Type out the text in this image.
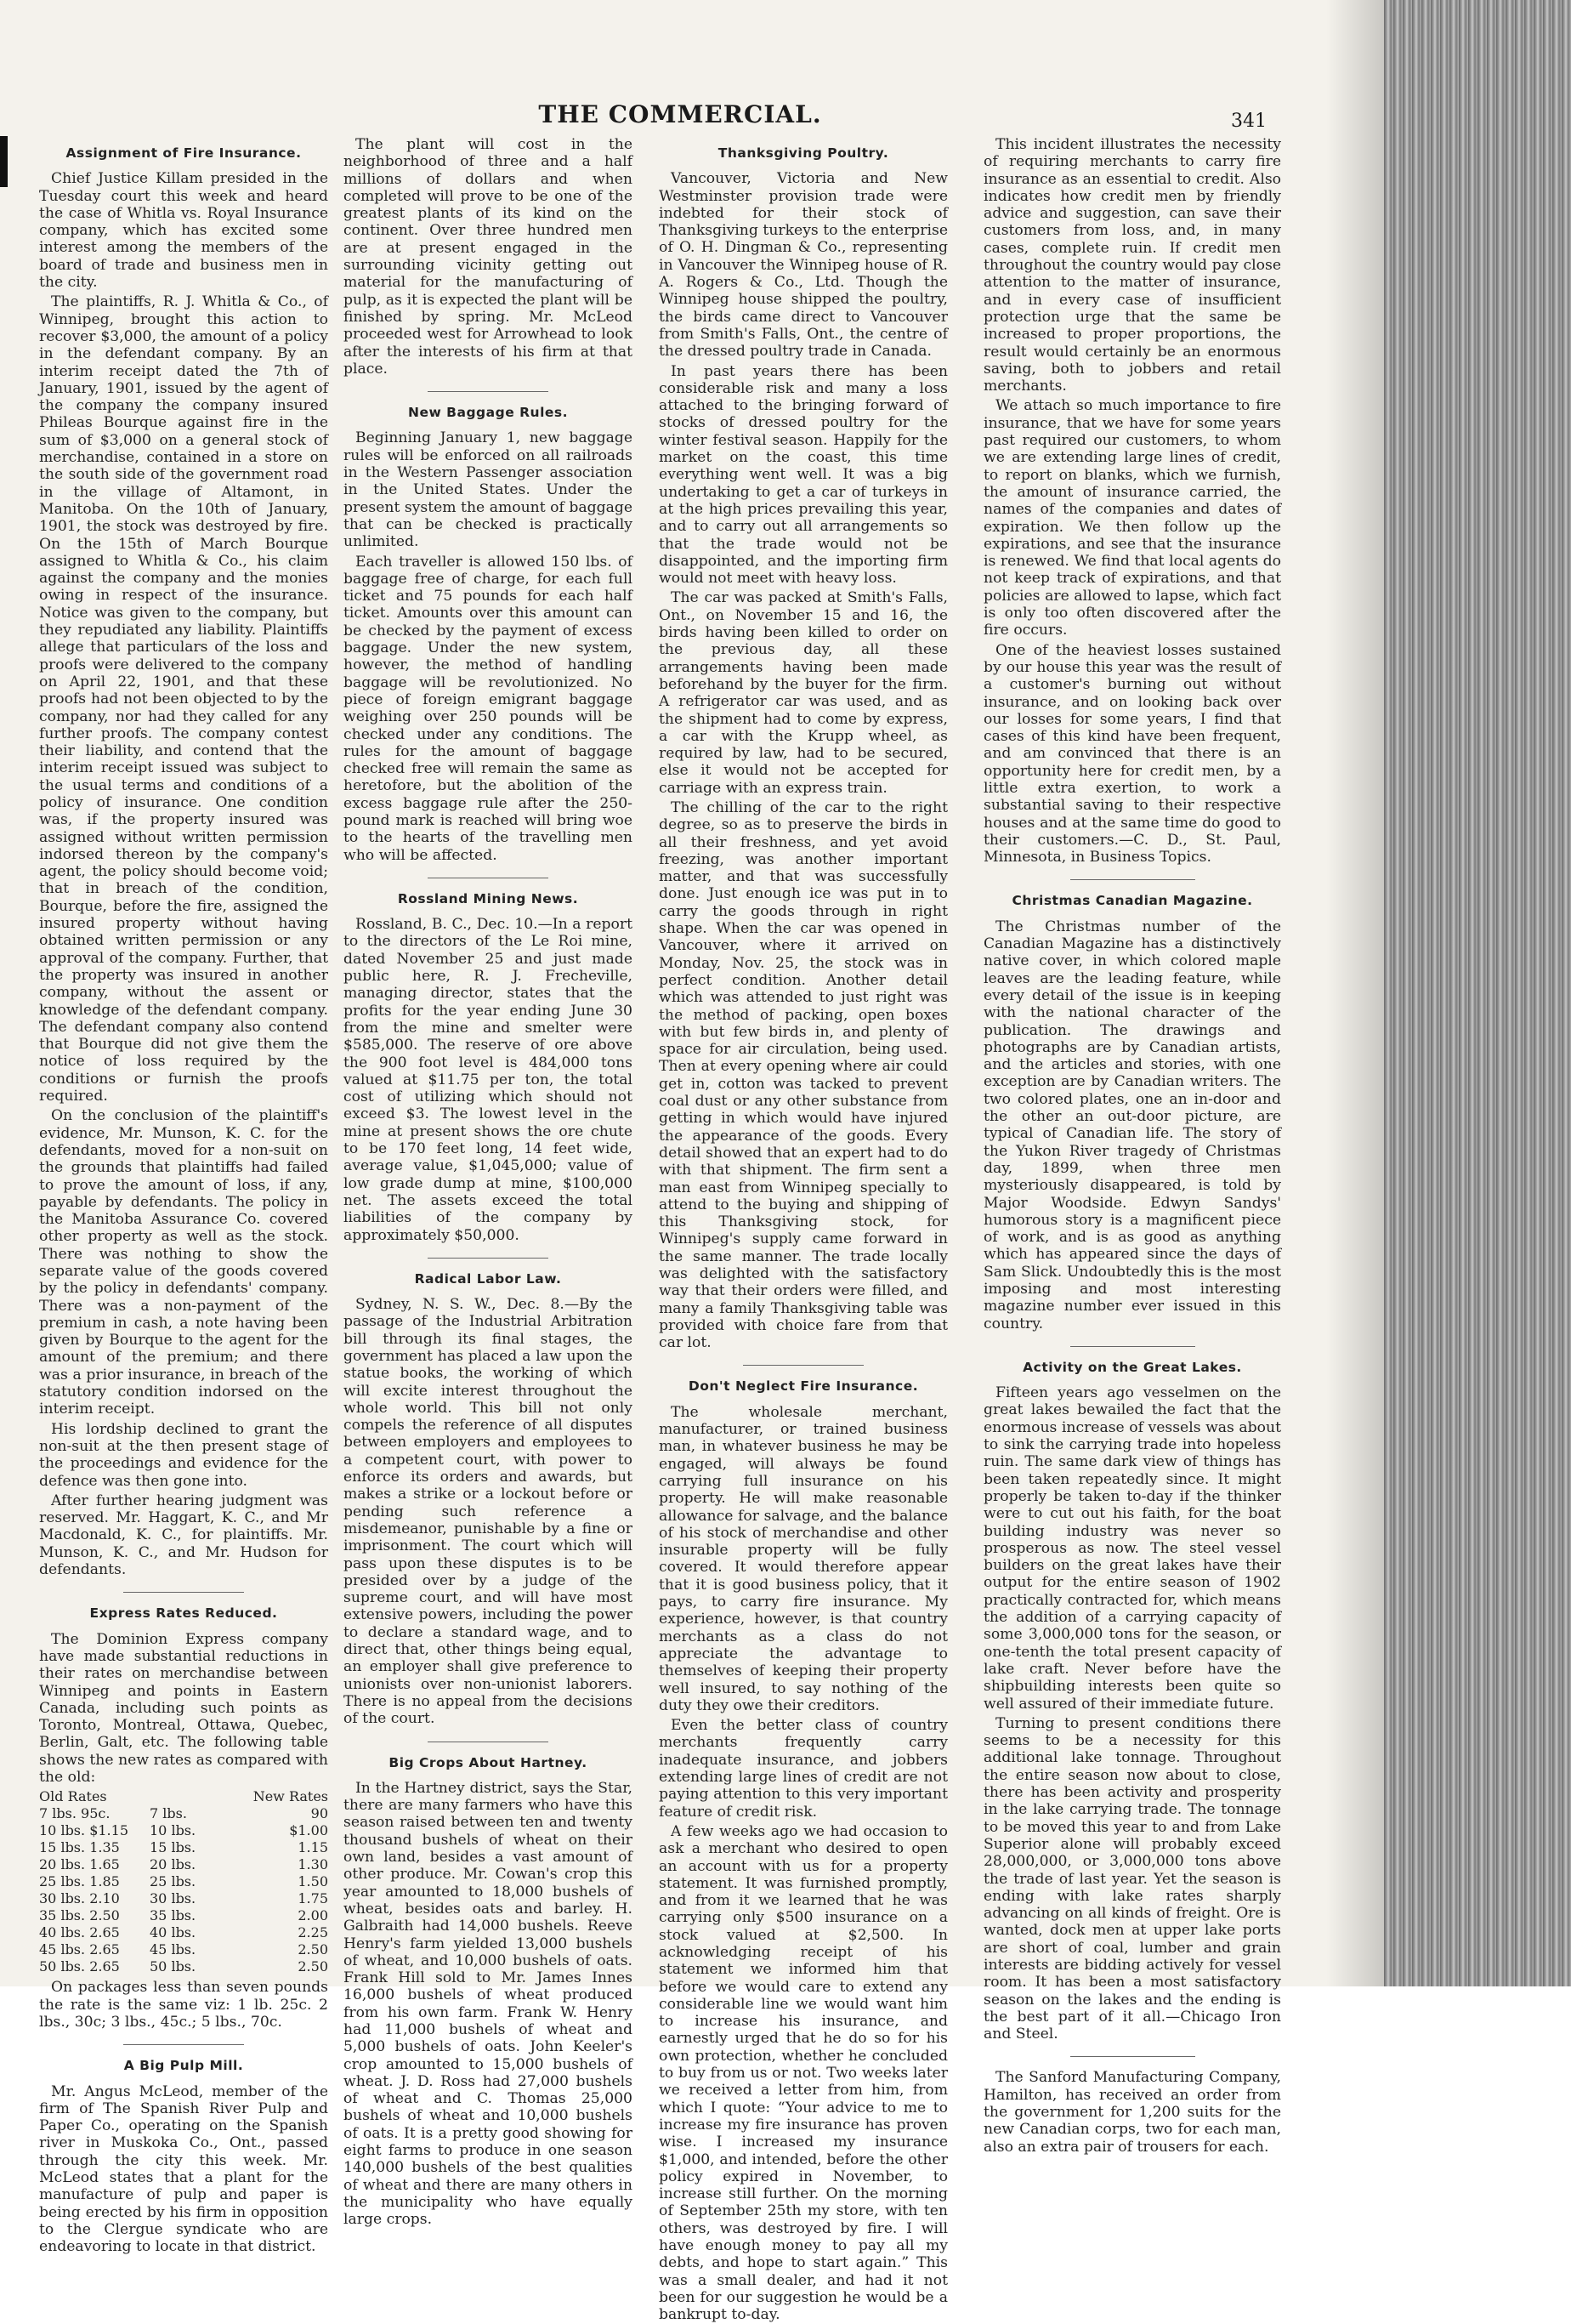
THE COMMERCIAL.	341
Assignment of Fire Insurance.

Chief Justice Killam presided in the Tuesday court this week and heard the case of Whitla vs. Royal Insurance company, which has excited some interest among the members of the board of trade and business men in the city.

The plaintiffs, R. J. Whitla & Co., of Winnipeg, brought this action to recover $3,000, the amount of a policy in the defendant company. By an interim receipt dated the 7th of January, 1901, issued by the agent of the company the company insured Phileas Bourque against fire in the sum of $3,000 on a general stock of merchandise, contained in a store on the south side of the government road in the village of Altamont, in Manitoba. On the 10th of January, 1901, the stock was destroyed by fire. On the 15th of March Bourque assigned to Whitla & Co., his claim against the company and the monies owing in respect of the insurance. Notice was given to the company, but they repudiated any liability. Plaintiffs allege that particulars of the loss and proofs were delivered to the company on April 22, 1901, and that these proofs had not been objected to by the company, nor had they called for any further proofs. The company contest their liability, and contend that the interim receipt issued was subject to the usual terms and conditions of a policy of insurance. One condition was, if the property insured was assigned without written permission indorsed thereon by the company's agent, the policy should become void; that in breach of the condition, Bourque, before the fire, assigned the insured property without having obtained written permission or any approval of the company. Further, that the property was insured in another company, without the assent or knowledge of the defendant company. The defendant company also contend that Bourque did not give them the notice of loss required by the conditions or furnish the proofs required.

On the conclusion of the plaintiff's evidence, Mr. Munson, K. C. for the defendants, moved for a non-suit on the grounds that plaintiffs had failed to prove the amount of loss, if any, payable by defendants. The policy in the Manitoba Assurance Co. covered other property as well as the stock. There was nothing to show the separate value of the goods covered by the policy in defendants' company. There was a non-payment of the premium in cash, a note having been given by Bourque to the agent for the amount of the premium; and there was a prior insurance, in breach of the statutory condition indorsed on the interim receipt.

His lordship declined to grant the non-suit at the then present stage of the proceedings and evidence for the defence was then gone into.

After further hearing judgment was reserved. Mr. Haggart, K. C., and Mr Macdonald, K. C., for plaintiffs. Mr. Munson, K. C., and Mr. Hudson for defendants.

Express Rates Reduced.

The Dominion Express company have made substantial reductions in their rates on merchandise between Winnipeg and points in Eastern Canada, including such points as Toronto, Montreal, Ottawa, Quebec, Berlin, Galt, etc. The following table shows the new rates as compared with the old:

Old Rates	New Rates
7 lbs. 95c.	7 lbs.	90
10 lbs. $1.15	10 lbs.	$1.00
15 lbs. 1.35	15 lbs.	1.15
20 lbs. 1.65	20 lbs.	1.30
25 lbs. 1.85	25 lbs.	1.50
30 lbs. 2.10	30 lbs.	1.75
35 lbs. 2.50	35 lbs.	2.00
40 lbs. 2.65	40 lbs.	2.25
45 lbs. 2.65	45 lbs.	2.50
50 lbs. 2.65	50 lbs.	2.50

On packages less than seven pounds the rate is the same viz: 1 lb. 25c. 2 lbs., 30c; 3 lbs., 45c.; 5 lbs., 70c.

A Big Pulp Mill.

Mr. Angus McLeod, member of the firm of The Spanish River Pulp and Paper Co., operating on the Spanish river in Muskoka Co., Ont., passed through the city this week. Mr. McLeod states that a plant for the manufacture of pulp and paper is being erected by his firm in opposition to the Clergue syndicate who are endeavoring to locate in that district.

The plant will cost in the neighborhood of three and a half millions of dollars and when completed will prove to be one of the greatest plants of its kind on the continent. Over three hundred men are at present engaged in the surrounding vicinity getting out material for the manufacturing of pulp, as it is expected the plant will be finished by spring. Mr. McLeod proceeded west for Arrowhead to look after the interests of his firm at that place.

New Baggage Rules.

Beginning January 1, new baggage rules will be enforced on all railroads in the Western Passenger association in the United States. Under the present system the amount of baggage that can be checked is practically unlimited.

Each traveller is allowed 150 lbs. of baggage free of charge, for each full ticket and 75 pounds for each half ticket. Amounts over this amount can be checked by the payment of excess baggage. Under the new system, however, the method of handling baggage will be revolutionized. No piece of foreign emigrant baggage weighing over 250 pounds will be checked under any conditions. The rules for the amount of baggage checked free will remain the same as heretofore, but the abolition of the excess baggage rule after the 250-pound mark is reached will bring woe to the hearts of the travelling men who will be affected.

Rossland Mining News.

Rossland, B. C., Dec. 10.—In a report to the directors of the Le Roi mine, dated November 25 and just made public here, R. J. Frecheville, managing director, states that the profits for the year ending June 30 from the mine and smelter were $585,000. The reserve of ore above the 900 foot level is 484,000 tons valued at $11.75 per ton, the total cost of utilizing which should not exceed $3. The lowest level in the mine at present shows the ore chute to be 170 feet long, 14 feet wide, average value, $1,045,000; value of low grade dump at mine, $100,000 net. The assets exceed the total liabilities of the company by approximately $50,000.

Radical Labor Law.

Sydney, N. S. W., Dec. 8.—By the passage of the Industrial Arbitration bill through its final stages, the government has placed a law upon the statue books, the working of which will excite interest throughout the whole world. This bill not only compels the reference of all disputes between employers and employees to a competent court, with power to enforce its orders and awards, but makes a strike or a lockout before or pending such reference a misdemeanor, punishable by a fine or imprisonment. The court which will pass upon these disputes is to be presided over by a judge of the supreme court, and will have most extensive powers, including the power to declare a standard wage, and to direct that, other things being equal, an employer shall give preference to unionists over non-unionist laborers. There is no appeal from the decisions of the court.

Big Crops About Hartney.

In the Hartney district, says the Star, there are many farmers who have this season raised between ten and twenty thousand bushels of wheat on their own land, besides a vast amount of other produce. Mr. Cowan's crop this year amounted to 18,000 bushels of wheat, besides oats and barley. H. Galbraith had 14,000 bushels. Reeve Henry's farm yielded 13,000 bushels of wheat, and 10,000 bushels of oats. Frank Hill sold to Mr. James Innes 16,000 bushels of wheat produced from his own farm. Frank W. Henry had 11,000 bushels of wheat and 5,000 bushels of oats. John Keeler's crop amounted to 15,000 bushels of wheat. J. D. Ross had 27,000 bushels of wheat and C. Thomas 25,000 bushels of wheat and 10,000 bushels of oats. It is a pretty good showing for eight farms to produce in one season 140,000 bushels of the best qualities of wheat and there are many others in the municipality who have equally large crops.

Thanksgiving Poultry.

Vancouver, Victoria and New Westminster provision trade were indebted for their stock of Thanksgiving turkeys to the enterprise of O. H. Dingman & Co., representing in Vancouver the Winnipeg house of R. A. Rogers & Co., Ltd. Though the Winnipeg house shipped the poultry, the birds came direct to Vancouver from Smith's Falls, Ont., the centre of the dressed poultry trade in Canada.

In past years there has been considerable risk and many a loss attached to the bringing forward of stocks of dressed poultry for the winter festival season. Happily for the market on the coast, this time everything went well. It was a big undertaking to get a car of turkeys in at the high prices prevailing this year, and to carry out all arrangements so that the trade would not be disappointed, and the importing firm would not meet with heavy loss.

The car was packed at Smith's Falls, Ont., on November 15 and 16, the birds having been killed to order on the previous day, all these arrangements having been made beforehand by the buyer for the firm. A refrigerator car was used, and as the shipment had to come by express, a car with the Krupp wheel, as required by law, had to be secured, else it would not be accepted for carriage with an express train.

The chilling of the car to the right degree, so as to preserve the birds in all their freshness, and yet avoid freezing, was another important matter, and that was successfully done. Just enough ice was put in to carry the goods through in right shape. When the car was opened in Vancouver, where it arrived on Monday, Nov. 25, the stock was in perfect condition. Another detail which was attended to just right was the method of packing, open boxes with but few birds in, and plenty of space for air circulation, being used. Then at every opening where air could get in, cotton was tacked to prevent coal dust or any other substance from getting in which would have injured the appearance of the goods. Every detail showed that an expert had to do with that shipment. The firm sent a man east from Winnipeg specially to attend to the buying and shipping of this Thanksgiving stock, for Winnipeg's supply came forward in the same manner. The trade locally was delighted with the satisfactory way that their orders were filled, and many a family Thanksgiving table was provided with choice fare from that car lot.

Don't Neglect Fire Insurance.

The wholesale merchant, manufacturer, or trained business man, in whatever business he may be engaged, will always be found carrying full insurance on his property. He will make reasonable allowance for salvage, and the balance of his stock of merchandise and other insurable property will be fully covered. It would therefore appear that it is good business policy, that it pays, to carry fire insurance. My experience, however, is that country merchants as a class do not appreciate the advantage to themselves of keeping their property well insured, to say nothing of the duty they owe their creditors.

Even the better class of country merchants frequently carry inadequate insurance, and jobbers extending large lines of credit are not paying attention to this very important feature of credit risk.

A few weeks ago we had occasion to ask a merchant who desired to open an account with us for a property statement. It was furnished promptly, and from it we learned that he was carrying only $500 insurance on a stock valued at $2,500. In acknowledging receipt of his statement we informed him that before we would care to extend any considerable line we would want him to increase his insurance, and earnestly urged that he do so for his own protection, whether he concluded to buy from us or not. Two weeks later we received a letter from him, from which I quote: “Your advice to me to increase my fire insurance has proven wise. I increased my insurance $1,000, and intended, before the other policy expired in November, to increase still further. On the morning of September 25th my store, with ten others, was destroyed by fire. I will have enough money to pay all my debts, and hope to start again.” This was a small dealer, and had it not been for our suggestion he would be a bankrupt to-day.

This incident illustrates the necessity of requiring merchants to carry fire insurance as an essential to credit. Also indicates how credit men by friendly advice and suggestion, can save their customers from loss, and, in many cases, complete ruin. If credit men throughout the country would pay close attention to the matter of insurance, and in every case of insufficient protection urge that the same be increased to proper proportions, the result would certainly be an enormous saving, both to jobbers and retail merchants.

We attach so much importance to fire insurance, that we have for some years past required our customers, to whom we are extending large lines of credit, to report on blanks, which we furnish, the amount of insurance carried, the names of the companies and dates of expiration. We then follow up the expirations, and see that the insurance is renewed. We find that local agents do not keep track of expirations, and that policies are allowed to lapse, which fact is only too often discovered after the fire occurs.

One of the heaviest losses sustained by our house this year was the result of a customer's burning out without insurance, and on looking back over our losses for some years, I find that cases of this kind have been frequent, and am convinced that there is an opportunity here for credit men, by a little extra exertion, to work a substantial saving to their respective houses and at the same time do good to their customers.—C. D., St. Paul, Minnesota, in Business Topics.

Christmas Canadian Magazine.

The Christmas number of the Canadian Magazine has a distinctively native cover, in which colored maple leaves are the leading feature, while every detail of the issue is in keeping with the national character of the publication. The drawings and photographs are by Canadian artists, and the articles and stories, with one exception are by Canadian writers. The two colored plates, one an in-door and the other an out-door picture, are typical of Canadian life. The story of the Yukon River tragedy of Christmas day, 1899, when three men mysteriously disappeared, is told by Major Woodside. Edwyn Sandys' humorous story is a magnificent piece of work, and is as good as anything which has appeared since the days of Sam Slick. Undoubtedly this is the most imposing and most interesting magazine number ever issued in this country.

Activity on the Great Lakes.

Fifteen years ago vesselmen on the great lakes bewailed the fact that the enormous increase of vessels was about to sink the carrying trade into hopeless ruin. The same dark view of things has been taken repeatedly since. It might properly be taken to-day if the thinker were to cut out his faith, for the boat building industry was never so prosperous as now. The steel vessel builders on the great lakes have their output for the entire season of 1902 practically contracted for, which means the addition of a carrying capacity of some 3,000,000 tons for the season, or one-tenth the total present capacity of lake craft. Never before have the shipbuilding interests been quite so well assured of their immediate future.

Turning to present conditions there seems to be a necessity for this additional lake tonnage. Throughout the entire season now about to close, there has been activity and prosperity in the lake carrying trade. The tonnage to be moved this year to and from Lake Superior alone will probably exceed 28,000,000, or 3,000,000 tons above the trade of last year. Yet the season is ending with lake rates sharply advancing on all kinds of freight. Ore is wanted, dock men at upper lake ports are short of coal, lumber and grain interests are bidding actively for vessel room. It has been a most satisfactory season on the lakes and the ending is the best part of it all.—Chicago Iron and Steel.

The Sanford Manufacturing Company, Hamilton, has received an order from the government for 1,200 suits for the new Canadian corps, two for each man, also an extra pair of trousers for each.
